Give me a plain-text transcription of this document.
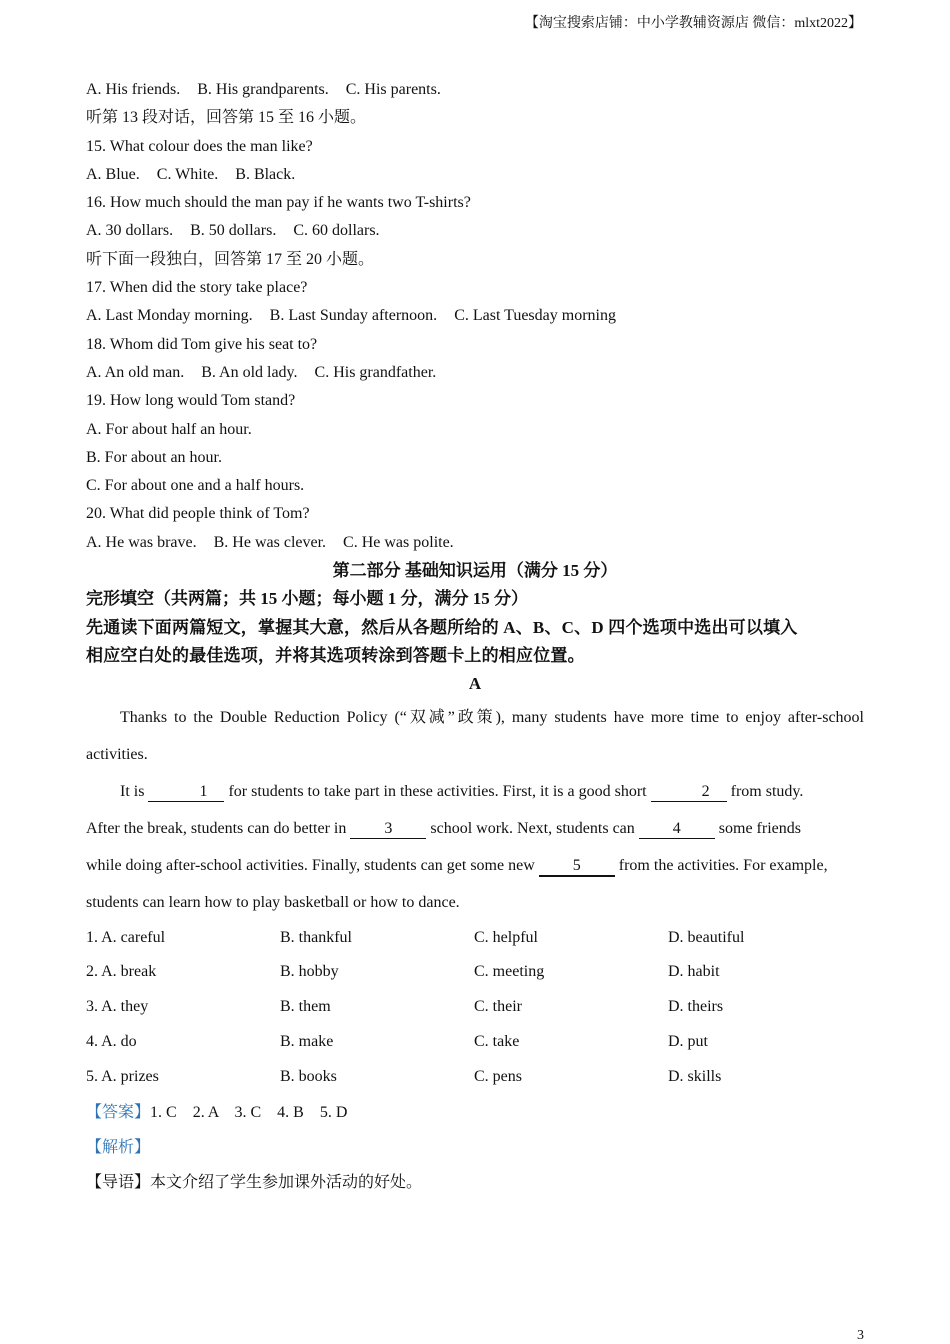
【淘宝搜索店铺：中小学教辅资源店 微信：mlxt2022】
A. His friends. B. His grandparents. C. His parents.
听第 13 段对话，回答第 15 至 16 小题。
15. What colour does the man like?
A. Blue. C. White. B. Black.
16. How much should the man pay if he wants two T-shirts?
A. 30 dollars. B. 50 dollars. C. 60 dollars.
听下面一段独白，回答第 17 至 20 小题。
17. When did the story take place?
A. Last Monday morning. B. Last Sunday afternoon. C. Last Tuesday morning
18. Whom did Tom give his seat to?
A. An old man. B. An old lady. C. His grandfather.
19. How long would Tom stand?
A. For about half an hour.
B. For about an hour.
C. For about one and a half hours.
20. What did people think of Tom?
A. He was brave. B. He was clever. C. He was polite.
第二部分 基础知识运用（满分 15 分）
完形填空（共两篇；共 15 小题；每小题 1 分，满分 15 分）
先通读下面两篇短文，掌握其大意，然后从各题所给的 A、B、C、D 四个选项中选出可以填入
相应空白处的最佳选项，并将其选项转涂到答题卡上的相应位置。
A
Thanks to the Double Reduction Policy (“双减”政策), many students have more time to enjoy after-school activities.
It is	1 for students to take part in these activities. First, it is a good short	2 from study.
After the break, students can do better in 3 school work. Next, students can 4 some friends
while doing after-school activities. Finally, students can get some new 5 from the activities. For example,
students can learn how to play basketball or how to dance.
1. A. careful	B. thankful	C. helpful	D. beautiful
2. A. break	B. hobby	C. meeting	D. habit
3. A. they	B. them	C. their	D. theirs
4. A. do	B. make	C. take	D. put
5. A. prizes	B. books	C. pens	D. skills
【答案】1. C    2. A    3. C    4. B    5. D
【解析】
【导语】本文介绍了学生参加课外活动的好处。
3
